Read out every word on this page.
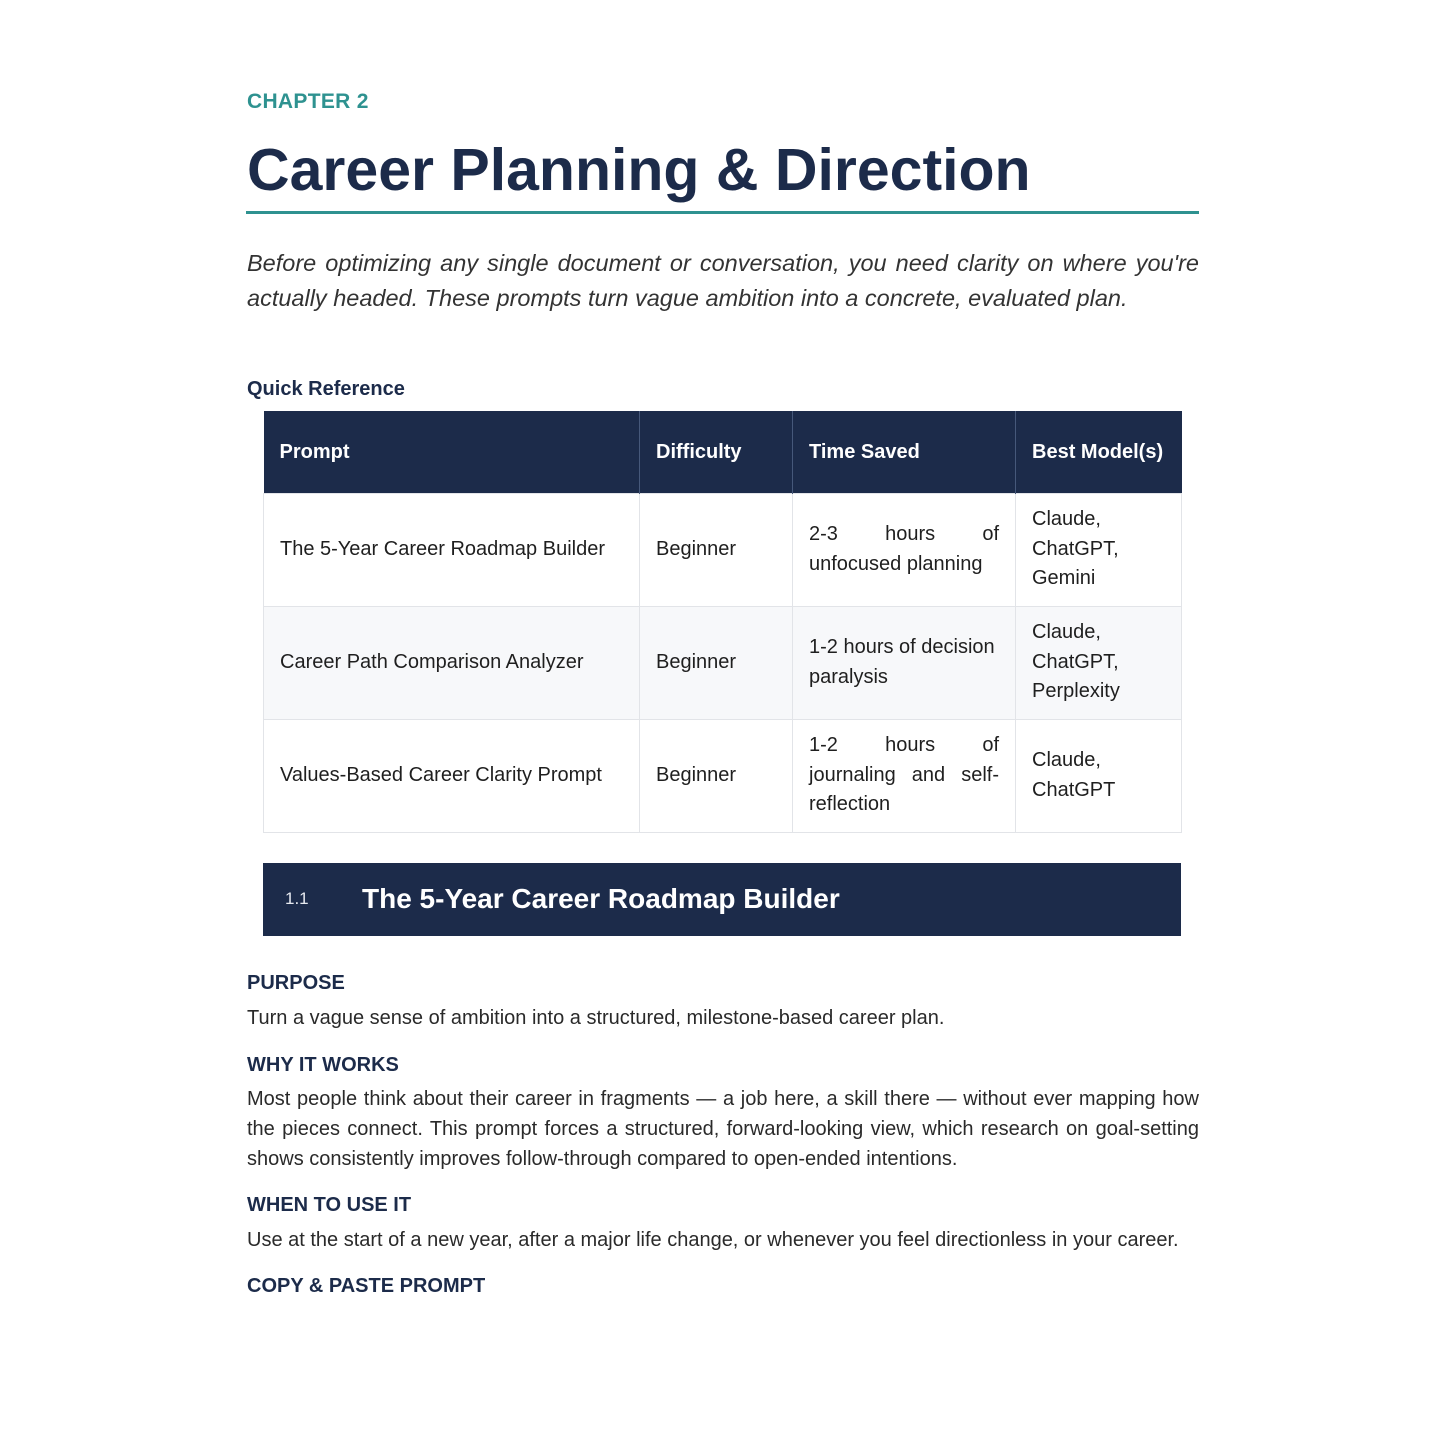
CHAPTER 2
Career Planning & Direction

Before optimizing any single document or conversation, you need clarity on where you're actually headed. These prompts turn vague ambition into a concrete, evaluated plan.

Quick Reference
Prompt	Difficulty	Time Saved	Best Model(s)
The 5-Year Career Roadmap Builder	Beginner	2-3 hours of unfocused planning	Claude, ChatGPT, Gemini
Career Path Comparison Analyzer	Beginner	1-2 hours of decision paralysis	Claude, ChatGPT, Perplexity
Values-Based Career Clarity Prompt	Beginner	1-2 hours of journaling and self-reflection	Claude, ChatGPT
1.1 The 5-Year Career Roadmap Builder
PURPOSE

Turn a vague sense of ambition into a structured, milestone-based career plan.

WHY IT WORKS

Most people think about their career in fragments — a job here, a skill there — without ever mapping how the pieces connect. This prompt forces a structured, forward-looking view, which research on goal-setting shows consistently improves follow-through compared to open-ended intentions.

WHEN TO USE IT

Use at the start of a new year, after a major life change, or whenever you feel directionless in your career.

COPY & PASTE PROMPT
